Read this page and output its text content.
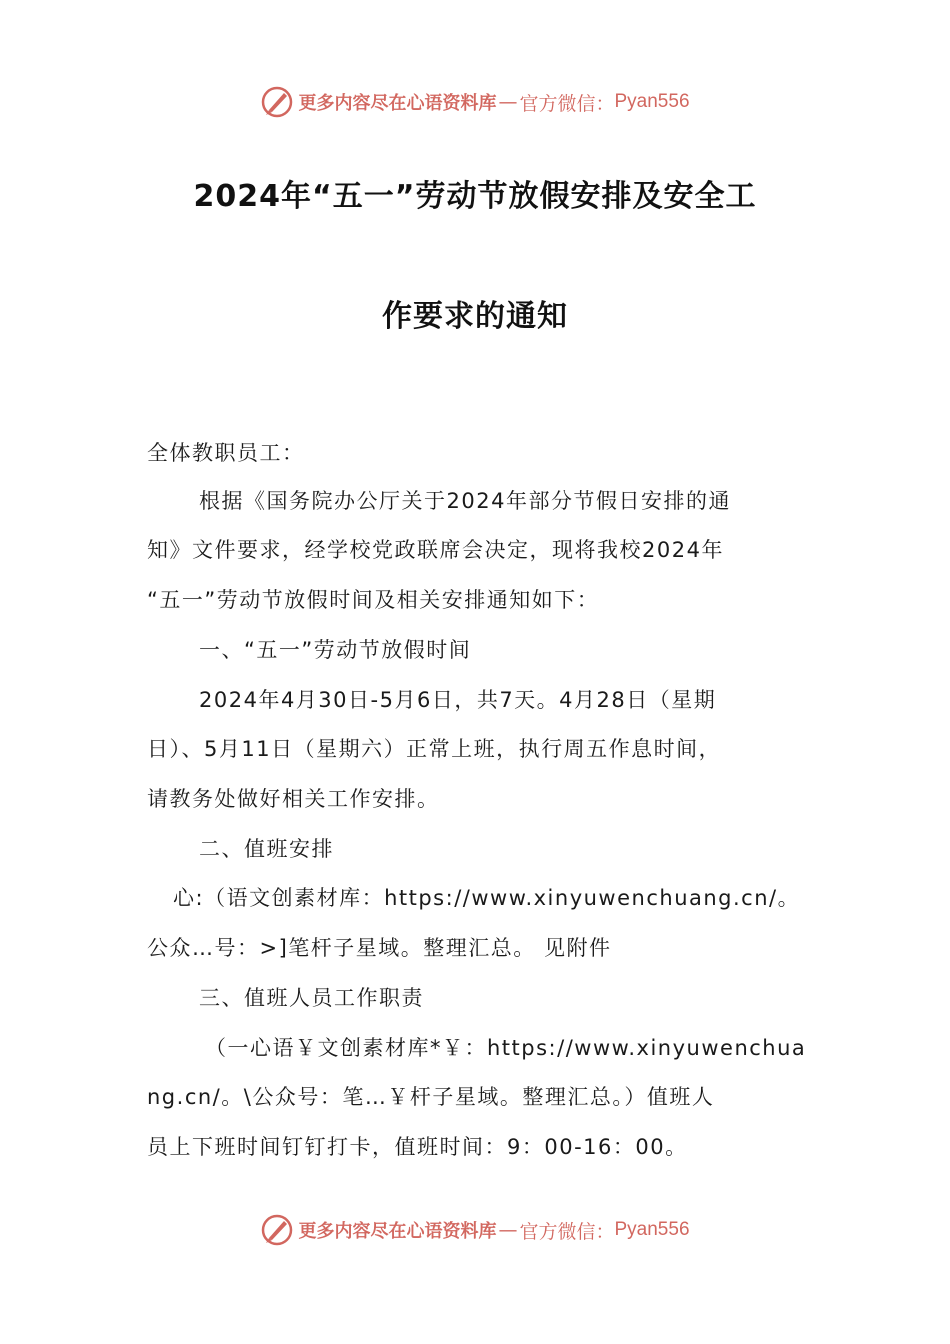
更多内容尽在心语资料库 — 官方微信： Pyan556
2024年“五一”劳动节放假安排及安全工
作要求的通知
全体教职员工：
根据《国务院办公厅关于2024年部分节假日安排的通
知》文件要求，经学校党政联席会决定，现将我校2024年
“五一”劳动节放假时间及相关安排通知如下：
一、“五一”劳动节放假时间
2024年4月30日-5月6日，共7天。4月28日（星期
日）、5月11日（星期六）正常上班，执行周五作息时间，
请教务处做好相关工作安排。
二、值班安排
心:（语文创素材库：https://www.xinyuwenchuang.cn/。
公众…号：>]笔杆子星域。整理汇总。 见附件
三、值班人员工作职责
（一心语￥文创素材库*￥：https://www.xinyuwenchua
ng.cn/。\公众号：笔…￥杆子星域。整理汇总。）值班人
员上下班时间钉钉打卡，值班时间：9：00-16：00。
更多内容尽在心语资料库 — 官方微信： Pyan556
